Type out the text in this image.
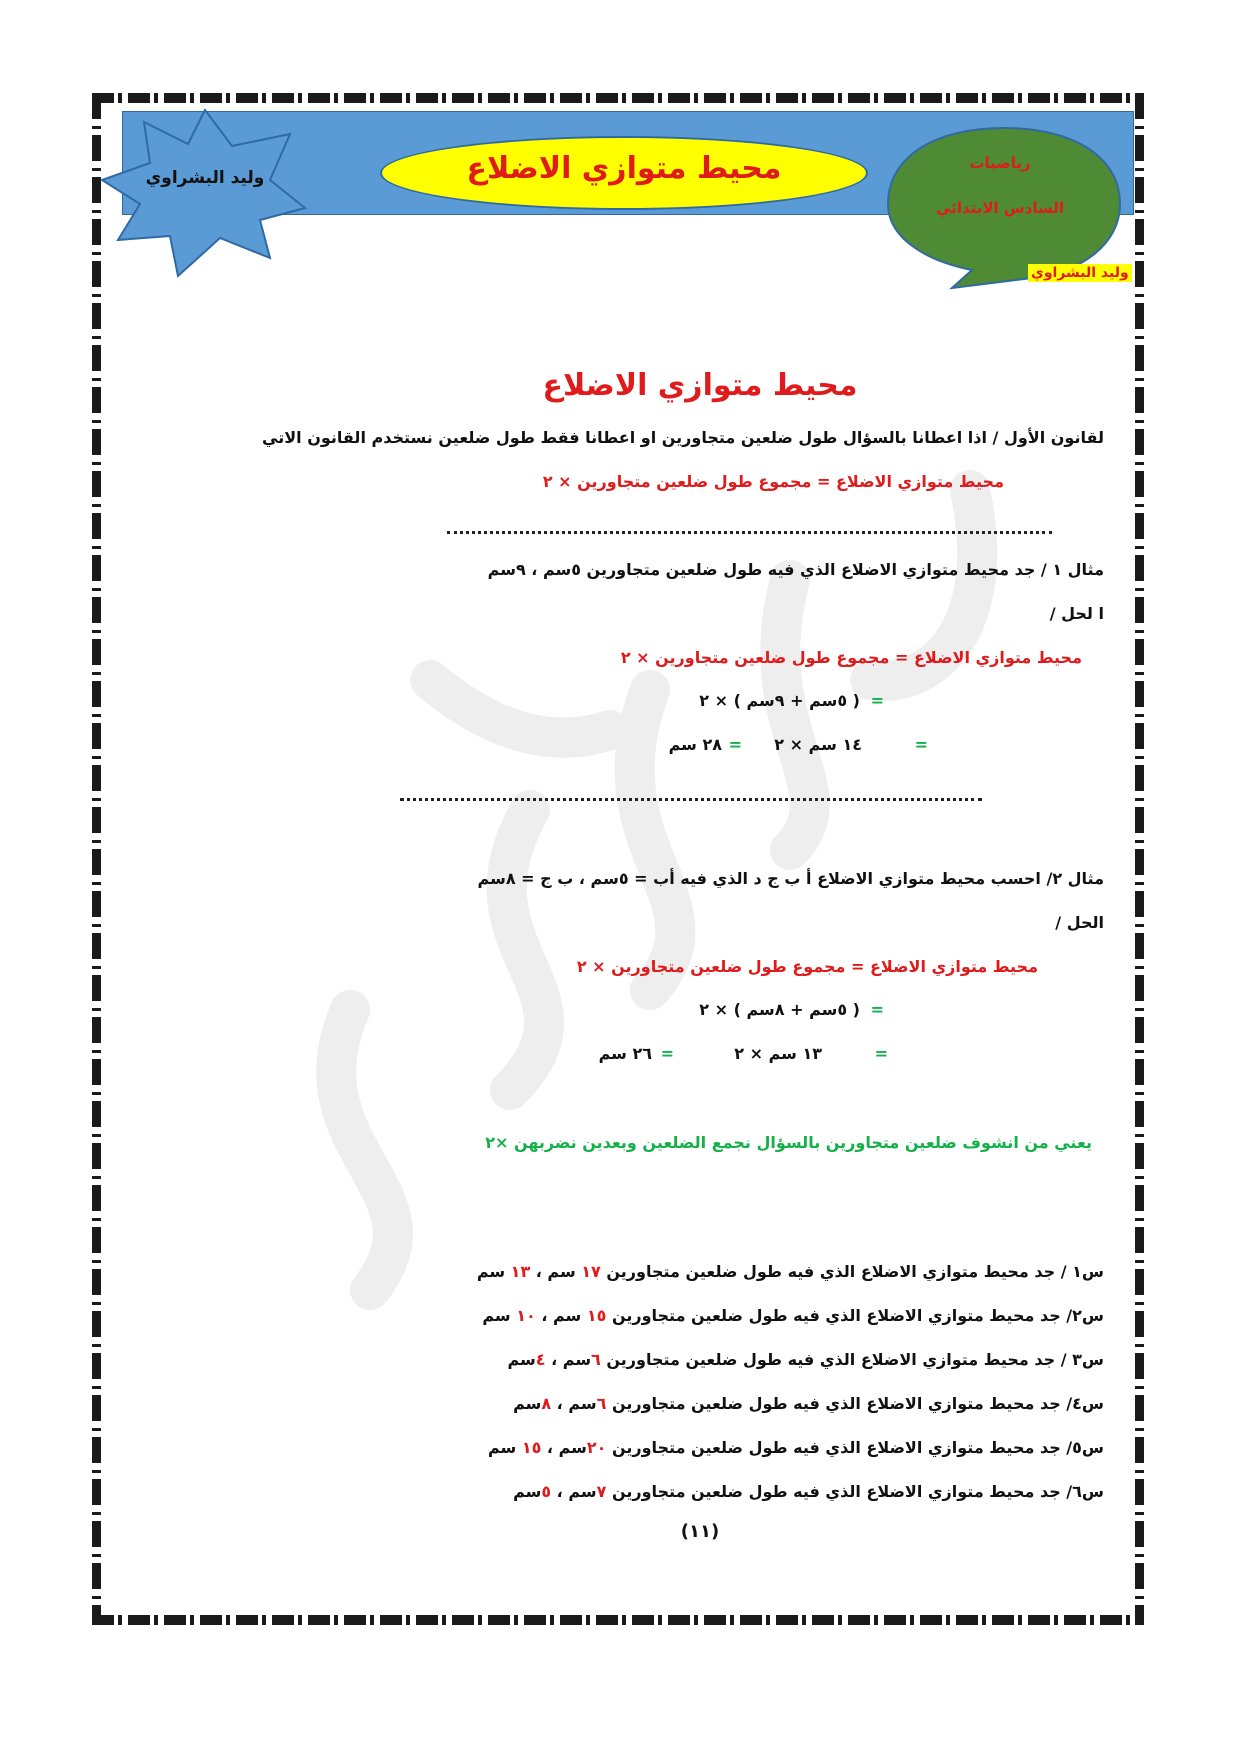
وليد البشراوي	محيط متوازي الاضلاع	رياضيات
السادس الابتدائي
وليد البشراوي
محيط متوازي الاضلاع
لقانون الأول / اذا اعطانا بالسؤال طول ضلعين متجاورين او اعطانا فقط طول ضلعين نستخدم القانون الاتي
محيط متوازي الاضلاع = مجموع طول ضلعين متجاورين × ٢
مثال ١ / جد محيط متوازي الاضلاع الذي فيه طول ضلعين متجاورين ٥سم ، ٩سم
ا لحل /
محيط متوازي الاضلاع = مجموع طول ضلعين متجاورين × ٢
=
( ٥سم + ٩سم ) × ٢
=
١٤ سم × ٢
=
٢٨ سم
مثال ٢/ احسب محيط متوازي الاضلاع أ ب ج د الذي فيه أب = ٥سم ، ب ج = ٨سم
الحل /
محيط متوازي الاضلاع = مجموع طول ضلعين متجاورين × ٢
=
( ٥سم + ٨سم ) × ٢
=
١٣ سم × ٢
=
٢٦ سم
يعني من انشوف ضلعين متجاورين بالسؤال نجمع الضلعين وبعدين نضربهن ×٢
س١ / جد محيط متوازي الاضلاع الذي فيه طول ضلعين متجاورين ١٧ سم ، ١٣ سم
س٢/ جد محيط متوازي الاضلاع الذي فيه طول ضلعين متجاورين ١٥ سم ، ١٠ سم
س٣ / جد محيط متوازي الاضلاع الذي فيه طول ضلعين متجاورين ٦سم ، ٤سم
س٤/ جد محيط متوازي الاضلاع الذي فيه طول ضلعين متجاورين ٦سم ، ٨سم
س٥/ جد محيط متوازي الاضلاع الذي فيه طول ضلعين متجاورين ٢٠سم ، ١٥ سم
س٦/ جد محيط متوازي الاضلاع الذي فيه طول ضلعين متجاورين ٧سم ، ٥سم
(١١)
